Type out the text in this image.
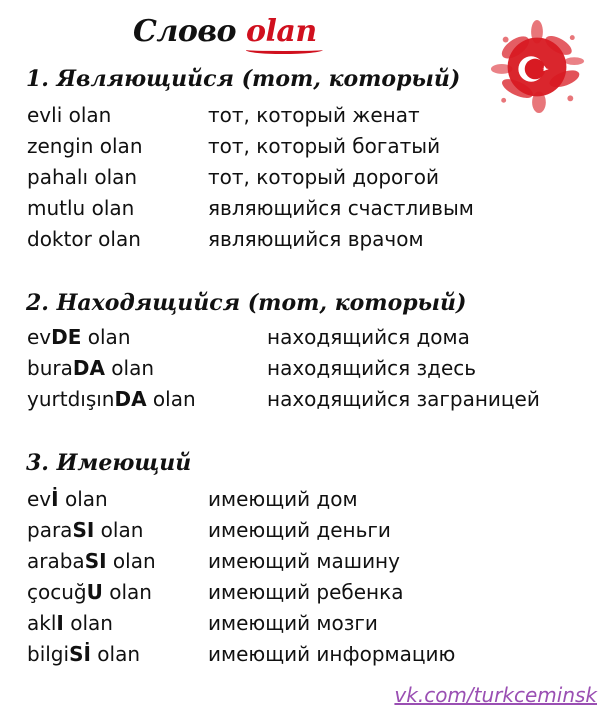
Слово olan
1. Являющийся (тот, который)
evli olan	тот, который женат
zengin olan	тот, который богатый
pahalı olan	тот, который дорогой
mutlu olan	являющийся счастливым
doktor olan	являющийся врачом
2. Находящийся (тот, который)
evDE olan	находящийся дома
buraDA olan	находящийся здесь
yurtdışınDA olan	находящийся заграницей
3. Имеющий
evİ olan	имеющий дом
paraSI olan	имеющий деньги
arabaSI olan	имеющий машину
çocuğU olan	имеющий ребенка
aklI olan	имеющий мозги
bilgiSİ olan	имеющий информацию
vk.com/turkceminsk
